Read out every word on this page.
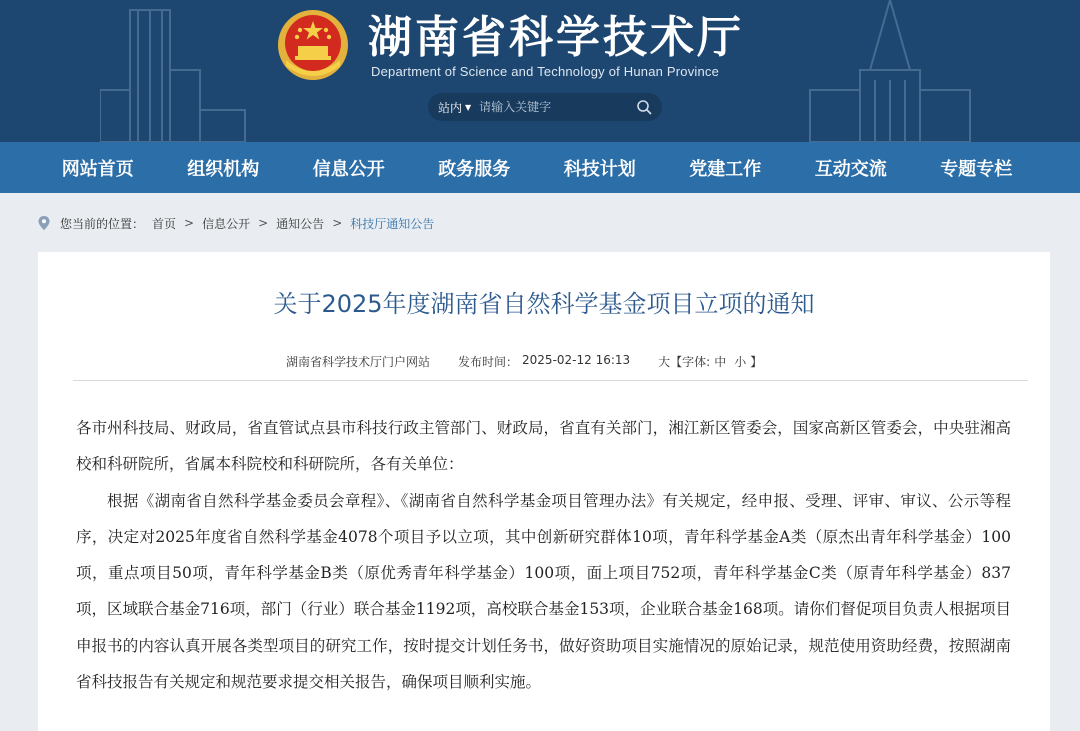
湖南省科学技术厅
Department of Science and Technology of Hunan Province
站内 ▼
请输入关键字
网站首页	组织机构	信息公开	政务服务	科技计划	党建工作	互动交流	专题专栏
您当前的位置： 首页 > 信息公开 > 通知公告 > 科技厅通知公告
关于2025年度湖南省自然科学基金项目立项的通知
湖南省科学技术厅门户网站 发布时间： 2025-02-12 16:13 大【字体: 中 小 】

各市州科技局、财政局，省直管试点县市科技行政主管部门、财政局，省直有关部门，湘江新区管委会，国家高新区管委会，中央驻湘高校和科研院所，省属本科院校和科研院所，各有关单位：

根据《湖南省自然科学基金委员会章程》、《湖南省自然科学基金项目管理办法》有关规定，经申报、受理、评审、审议、公示等程序，决定对2025年度省自然科学基金4078个项目予以立项，其中创新研究群体10项，青年科学基金A类（原杰出青年科学基金）100项，重点项目50项，青年科学基金B类（原优秀青年科学基金）100项，面上项目752项，青年科学基金C类（原青年科学基金）837项，区域联合基金716项，部门（行业）联合基金1192项，高校联合基金153项，企业联合基金168项。请你们督促项目负责人根据项目申报书的内容认真开展各类型项目的研究工作，按时提交计划任务书，做好资助项目实施情况的原始记录，规范使用资助经费，按照湖南省科技报告有关规定和规范要求提交相关报告，确保项目顺利实施。
